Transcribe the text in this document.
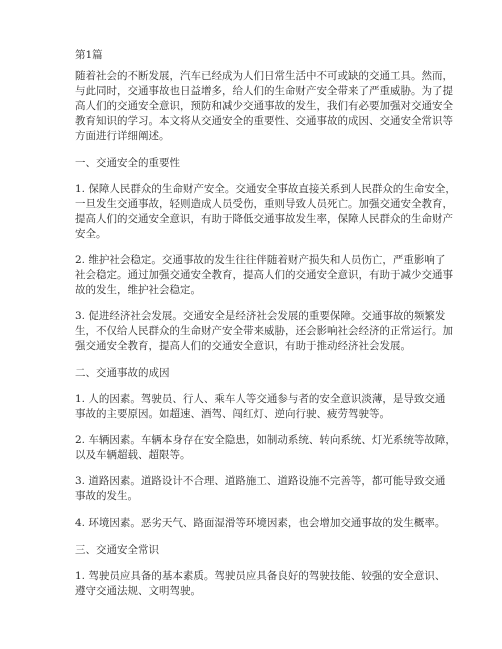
第1篇
随着社会的不断发展，汽车已经成为人们日常生活中不可或缺的交通工具。然而，
与此同时，交通事故也日益增多，给人们的生命财产安全带来了严重威胁。为了提
高人们的交通安全意识，预防和减少交通事故的发生，我们有必要加强对交通安全
教育知识的学习。本文将从交通安全的重要性、交通事故的成因、交通安全常识等
方面进行详细阐述。
一、交通安全的重要性
1. 保障人民群众的生命财产安全。交通安全事故直接关系到人民群众的生命安全，
一旦发生交通事故，轻则造成人员受伤，重则导致人员死亡。加强交通安全教育，
提高人们的交通安全意识，有助于降低交通事故发生率，保障人民群众的生命财产
安全。
2. 维护社会稳定。交通事故的发生往往伴随着财产损失和人员伤亡，严重影响了
社会稳定。通过加强交通安全教育，提高人们的交通安全意识，有助于减少交通事
故的发生，维护社会稳定。
3. 促进经济社会发展。交通安全是经济社会发展的重要保障。交通事故的频繁发
生，不仅给人民群众的生命财产安全带来威胁，还会影响社会经济的正常运行。加
强交通安全教育，提高人们的交通安全意识，有助于推动经济社会发展。
二、交通事故的成因
1. 人的因素。驾驶员、行人、乘车人等交通参与者的安全意识淡薄，是导致交通
事故的主要原因。如超速、酒驾、闯红灯、逆向行驶、疲劳驾驶等。
2. 车辆因素。车辆本身存在安全隐患，如制动系统、转向系统、灯光系统等故障，
以及车辆超载、超限等。
3. 道路因素。道路设计不合理、道路施工、道路设施不完善等，都可能导致交通
事故的发生。
4. 环境因素。恶劣天气、路面湿滑等环境因素，也会增加交通事故的发生概率。
三、交通安全常识
1. 驾驶员应具备的基本素质。驾驶员应具备良好的驾驶技能、较强的安全意识、
遵守交通法规、文明驾驶。
